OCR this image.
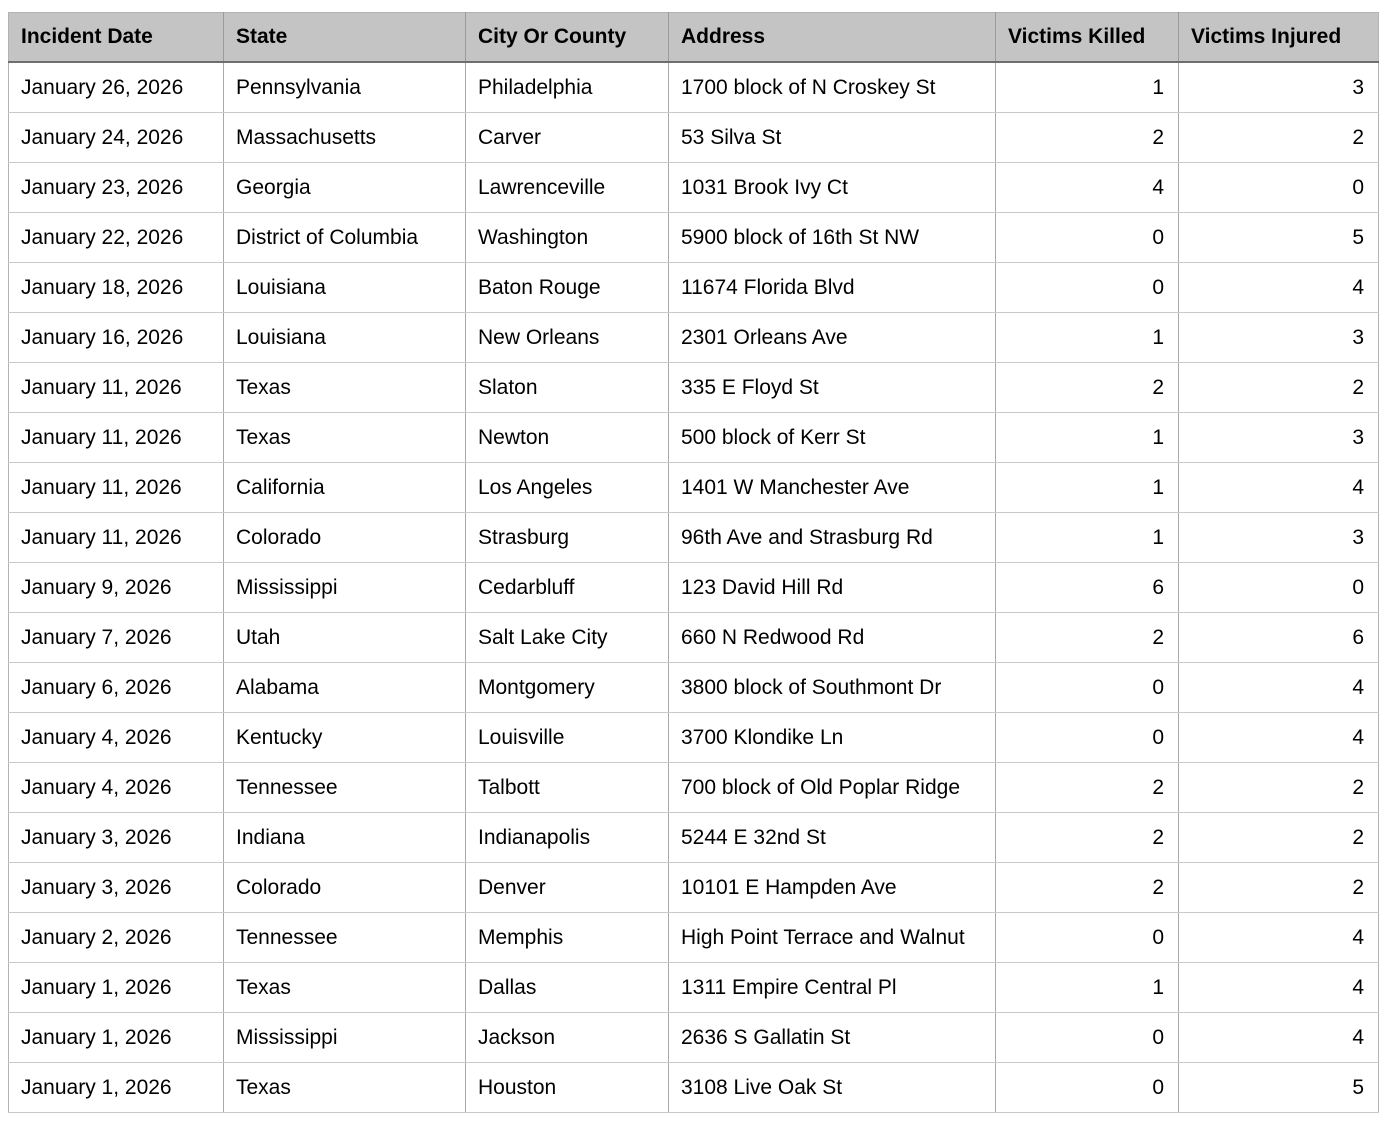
Incident Date	State	City Or County	Address	Victims Killed	Victims Injured
January 26, 2026	Pennsylvania	Philadelphia	1700 block of N Croskey St	1	3
January 24, 2026	Massachusetts	Carver	53 Silva St	2	2
January 23, 2026	Georgia	Lawrenceville	1031 Brook Ivy Ct	4	0
January 22, 2026	District of Columbia	Washington	5900 block of 16th St NW	0	5
January 18, 2026	Louisiana	Baton Rouge	11674 Florida Blvd	0	4
January 16, 2026	Louisiana	New Orleans	2301 Orleans Ave	1	3
January 11, 2026	Texas	Slaton	335 E Floyd St	2	2
January 11, 2026	Texas	Newton	500 block of Kerr St	1	3
January 11, 2026	California	Los Angeles	1401 W Manchester Ave	1	4
January 11, 2026	Colorado	Strasburg	96th Ave and Strasburg Rd	1	3
January 9, 2026	Mississippi	Cedarbluff	123 David Hill Rd	6	0
January 7, 2026	Utah	Salt Lake City	660 N Redwood Rd	2	6
January 6, 2026	Alabama	Montgomery	3800 block of Southmont Dr	0	4
January 4, 2026	Kentucky	Louisville	3700 Klondike Ln	0	4
January 4, 2026	Tennessee	Talbott	700 block of Old Poplar Ridge	2	2
January 3, 2026	Indiana	Indianapolis	5244 E 32nd St	2	2
January 3, 2026	Colorado	Denver	10101 E Hampden Ave	2	2
January 2, 2026	Tennessee	Memphis	High Point Terrace and Walnut	0	4
January 1, 2026	Texas	Dallas	1311 Empire Central Pl	1	4
January 1, 2026	Mississippi	Jackson	2636 S Gallatin St	0	4
January 1, 2026	Texas	Houston	3108 Live Oak St	0	5
